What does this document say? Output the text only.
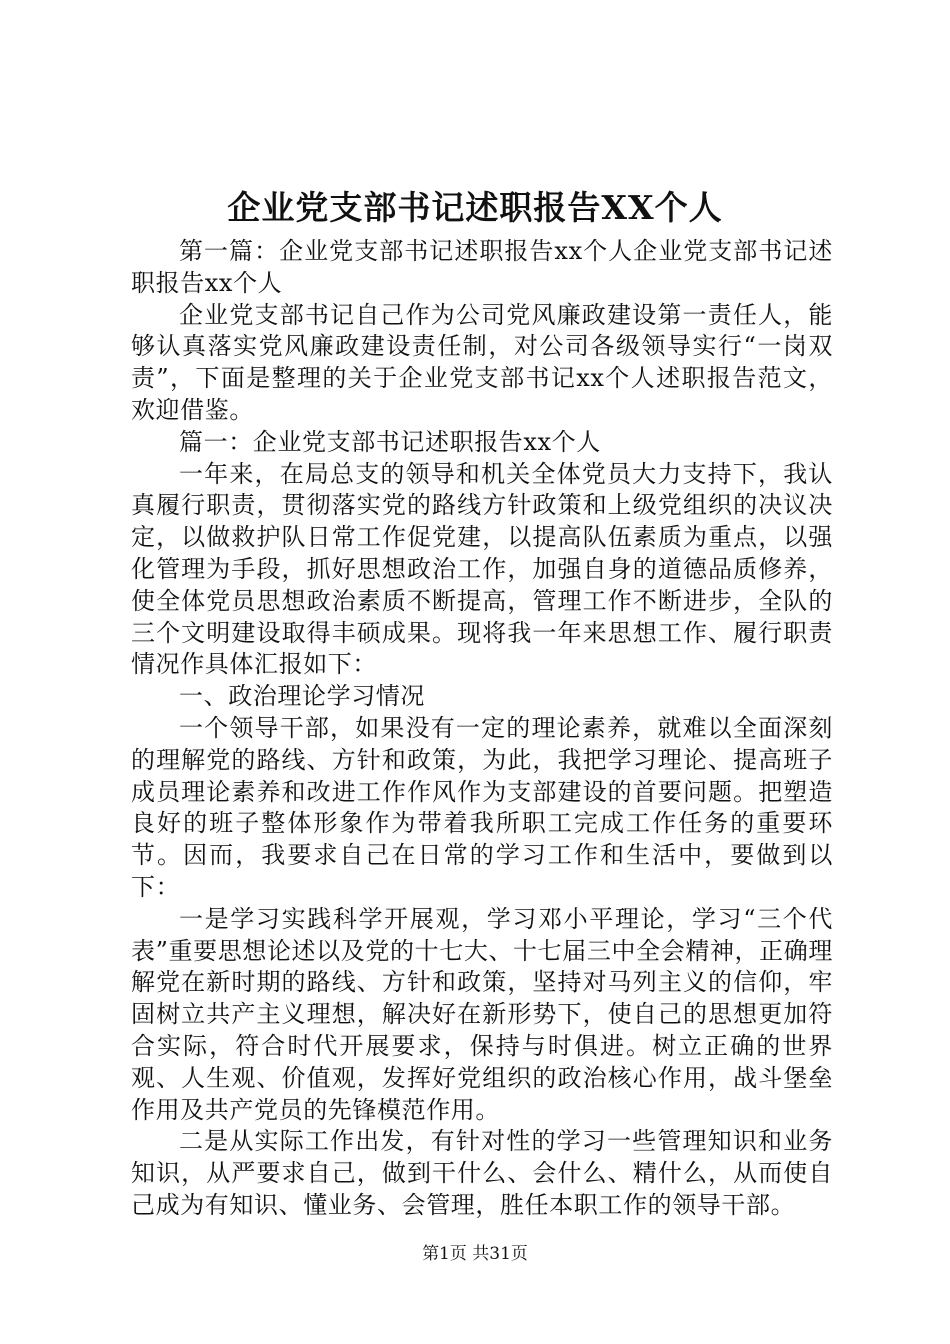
企业党支部书记述职报告XX个人

第一篇：企业党支部书记述职报告xx个人企业党支部书记述职报告xx个人

企业党支部书记自己作为公司党风廉政建设第一责任人，能够认真落实党风廉政建设责任制，对公司各级领导实行“一岗双责”，下面是整理的关于企业党支部书记xx个人述职报告范文，欢迎借鉴。

篇一：企业党支部书记述职报告xx个人

一年来，在局总支的领导和机关全体党员大力支持下，我认真履行职责，贯彻落实党的路线方针政策和上级党组织的决议决定，以做救护队日常工作促党建，以提高队伍素质为重点，以强化管理为手段，抓好思想政治工作，加强自身的道德品质修养，使全体党员思想政治素质不断提高，管理工作不断进步，全队的三个文明建设取得丰硕成果。现将我一年来思想工作、履行职责情况作具体汇报如下：

一、政治理论学习情况

一个领导干部，如果没有一定的理论素养，就难以全面深刻的理解党的路线、方针和政策，为此，我把学习理论、提高班子成员理论素养和改进工作作风作为支部建设的首要问题。把塑造良好的班子整体形象作为带着我所职工完成工作任务的重要环节。因而，我要求自己在日常的学习工作和生活中，要做到以下：

一是学习实践科学开展观，学习邓小平理论，学习“三个代表”重要思想论述以及党的十七大、十七届三中全会精神，正确理解党在新时期的路线、方针和政策，坚持对马列主义的信仰，牢固树立共产主义理想，解决好在新形势下，使自己的思想更加符合实际，符合时代开展要求，保持与时俱进。树立正确的世界观、人生观、价值观，发挥好党组织的政治核心作用，战斗堡垒作用及共产党员的先锋模范作用。

二是从实际工作出发，有针对性的学习一些管理知识和业务知识，从严要求自己，做到干什么、会什么、精什么，从而使自己成为有知识、懂业务、会管理，胜任本职工作的领导干部。

第1页 共31页
